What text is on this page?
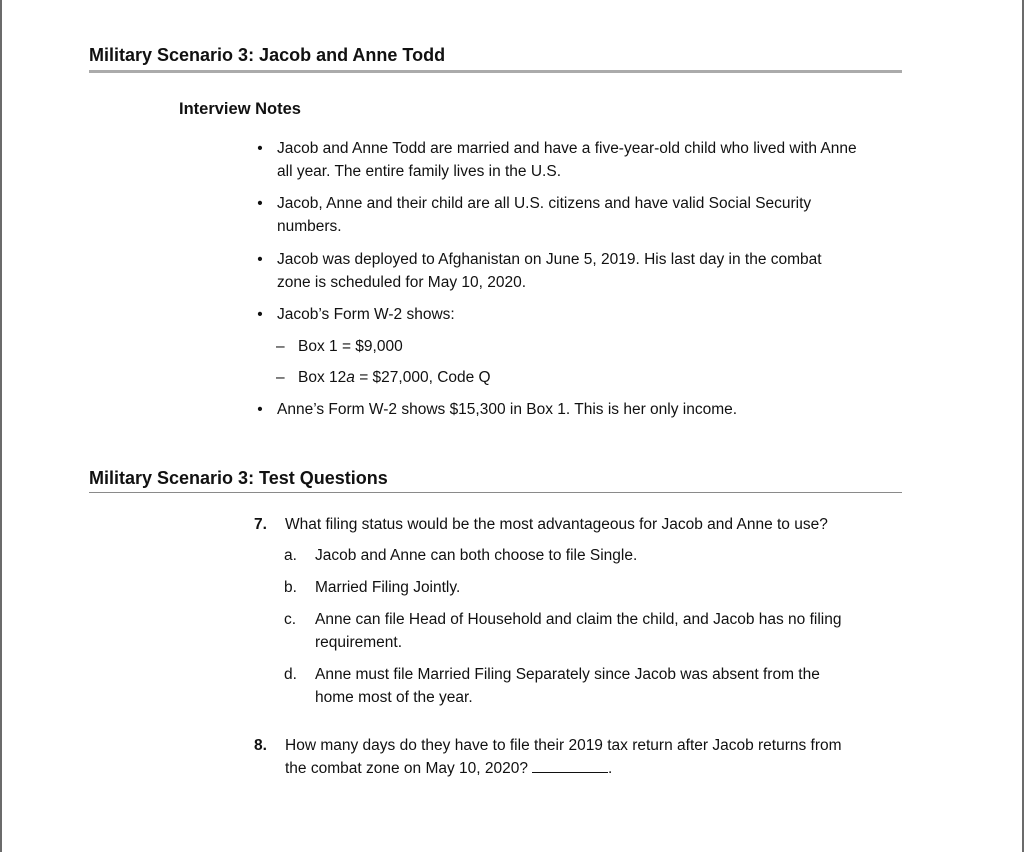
Military Scenario 3: Jacob and Anne Todd
Interview Notes
• Jacob and Anne Todd are married and have a five-year-old child who lived with Anne
all year. The entire family lives in the U.S.
• Jacob, Anne and their child are all U.S. citizens and have valid Social Security
numbers.
• Jacob was deployed to Afghanistan on June 5, 2019. His last day in the combat
zone is scheduled for May 10, 2020.
• Jacob’s Form W-2 shows:
– Box 1 = $9,000
– Box 12a = $27,000, Code Q
• Anne’s Form W-2 shows $15,300 in Box 1. This is her only income.
Military Scenario 3: Test Questions
7. What filing status would be the most advantageous for Jacob and Anne to use?
a. Jacob and Anne can both choose to file Single.
b. Married Filing Jointly.
c. Anne can file Head of Household and claim the child, and Jacob has no filing
requirement.
d. Anne must file Married Filing Separately since Jacob was absent from the
home most of the year.
8. How many days do they have to file their 2019 tax return after Jacob returns from
the combat zone on May 10, 2020?	.
